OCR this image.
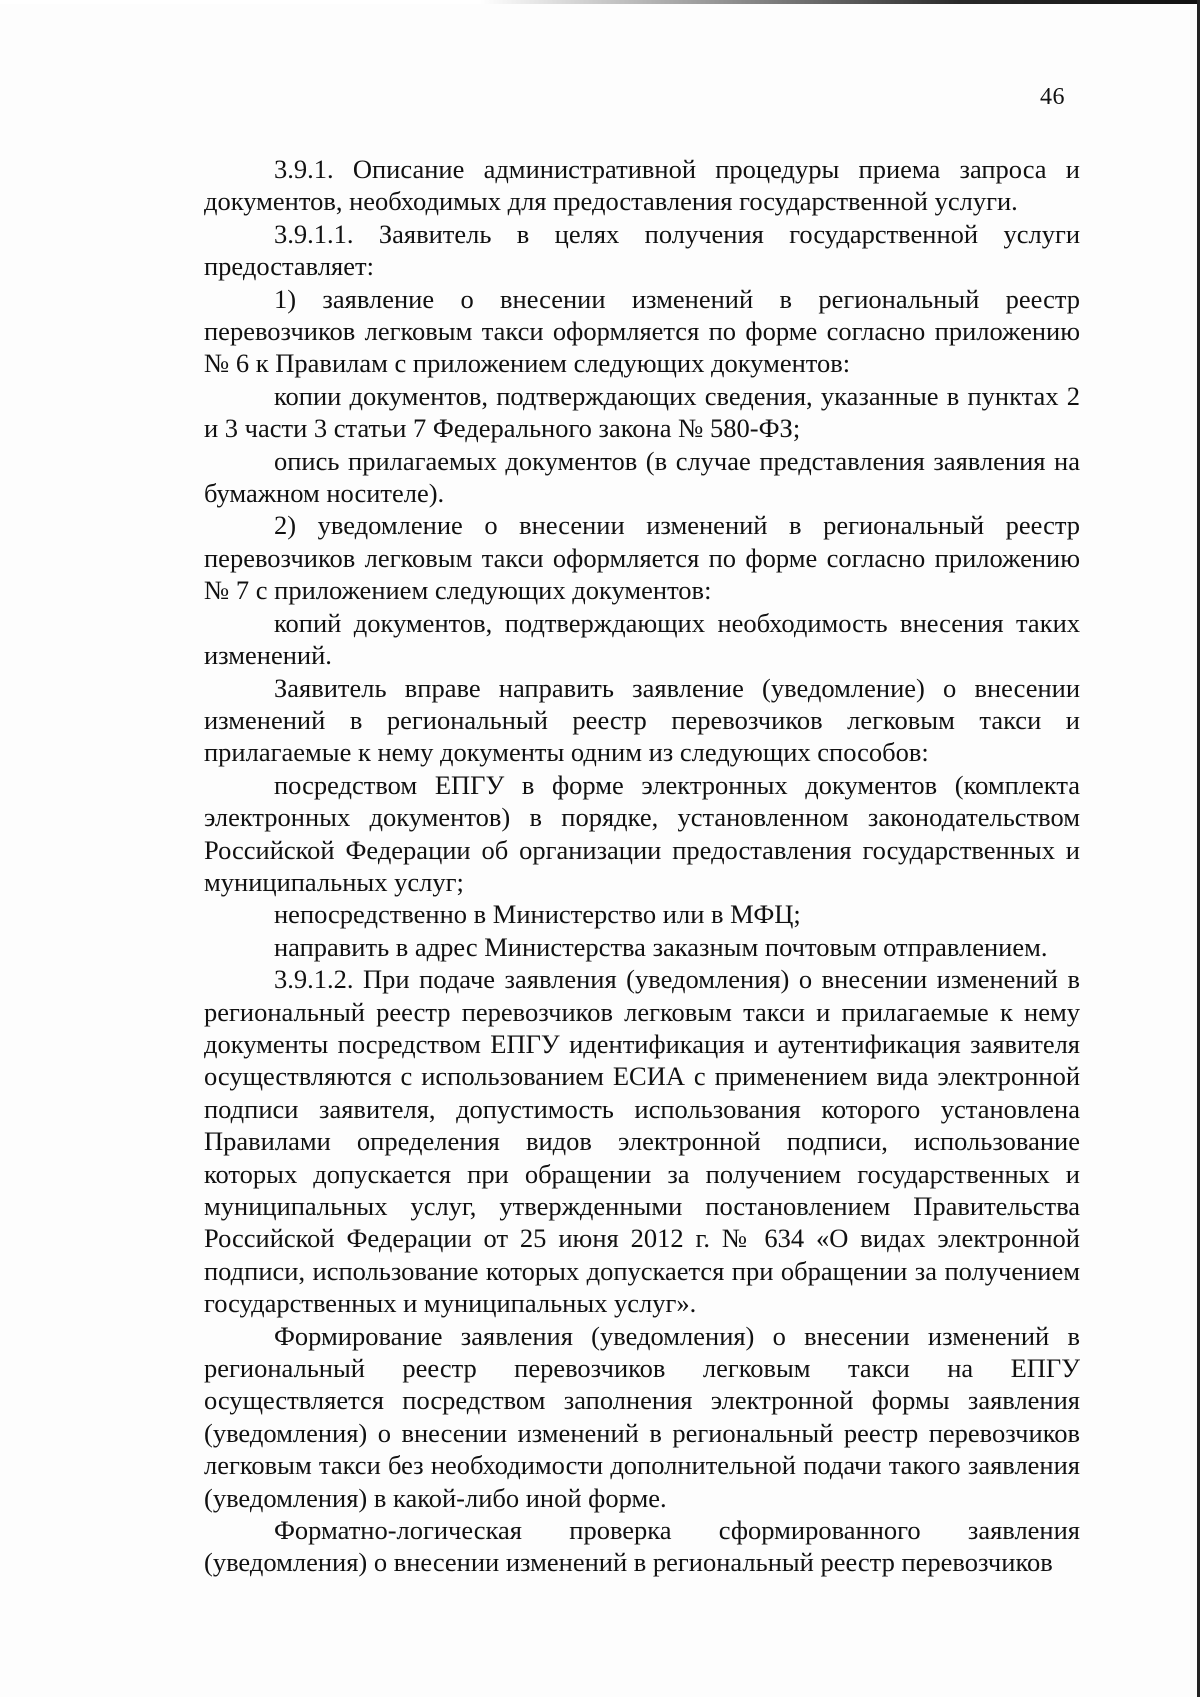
46

3.9.1. Описание административной процедуры приема запроса и документов, необходимых для предоставления государственной услуги.

3.9.1.1. Заявитель в целях получения государственной услуги предоставляет:

1) заявление о внесении изменений в региональный реестр перевозчиков легковым такси оформляется по форме согласно приложению № 6 к Правилам с приложением следующих документов:

копии документов, подтверждающих сведения, указанные в пунктах 2 и 3 части 3 статьи 7 Федерального закона № 580-ФЗ;

опись прилагаемых документов (в случае представления заявления на бумажном носителе).

2) уведомление о внесении изменений в региональный реестр перевозчиков легковым такси оформляется по форме согласно приложению № 7 с приложением следующих документов:

копий документов, подтверждающих необходимость внесения таких изменений.

Заявитель вправе направить заявление (уведомление) о внесении изменений в региональный реестр перевозчиков легковым такси и прилагаемые к нему документы одним из следующих способов:

посредством ЕПГУ в форме электронных документов (комплекта электронных документов) в порядке, установленном законодательством Российской Федерации об организации предоставления государственных и муниципальных услуг;

непосредственно в Министерство или в МФЦ;

направить в адрес Министерства заказным почтовым отправлением.

3.9.1.2. При подаче заявления (уведомления) о внесении изменений в региональный реестр перевозчиков легковым такси и прилагаемые к нему документы посредством ЕПГУ идентификация и аутентификация заявителя осуществляются с использованием ЕСИА с применением вида электронной подписи заявителя, допустимость использования которого установлена Правилами определения видов электронной подписи, использование которых допускается при обращении за получением государственных и муниципальных услуг, утвержденными постановлением Правительства Российской Федерации от 25 июня 2012 г. № 634 «О видах электронной подписи, использование которых допускается при обращении за получением государственных и муниципальных услуг».

Формирование заявления (уведомления) о внесении изменений в региональный реестр перевозчиков легковым такси на ЕПГУ осуществляется посредством заполнения электронной формы заявления (уведомления) о внесении изменений в региональный реестр перевозчиков легковым такси без необходимости дополнительной подачи такого заявления (уведомления) в какой-либо иной форме.

Форматно-логическая проверка сформированного заявления (уведомления) о внесении изменений в региональный реестр перевозчиков
